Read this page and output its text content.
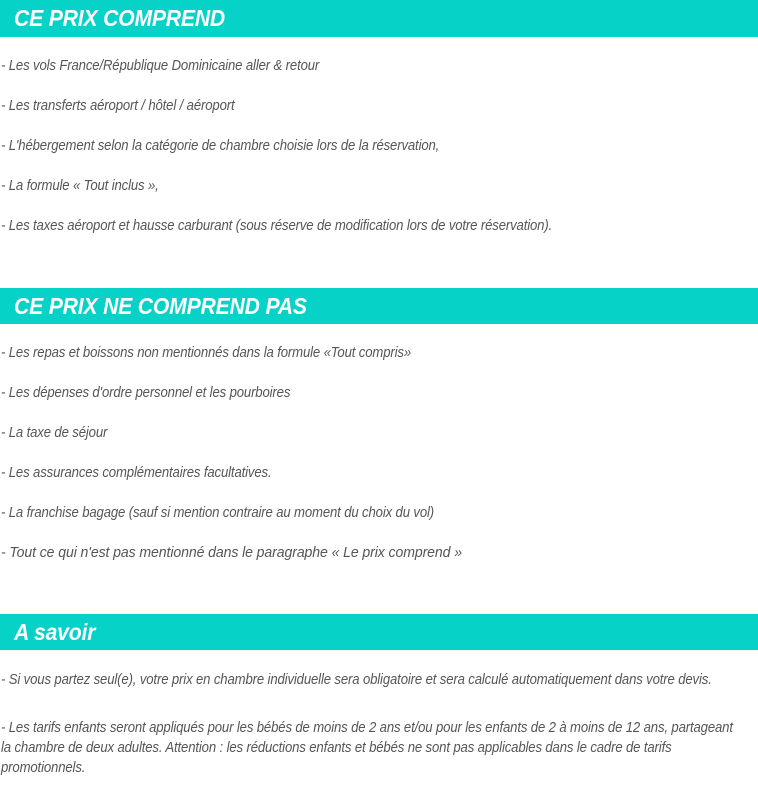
CE PRIX COMPREND
- Les vols France/République Dominicaine aller & retour
- Les transferts aéroport / hôtel / aéroport
- L'hébergement selon la catégorie de chambre choisie lors de la réservation,
- La formule « Tout inclus »,
- Les taxes aéroport et hausse carburant (sous réserve de modification lors de votre réservation).
CE PRIX NE COMPREND PAS
- Les repas et boissons non mentionnés dans la formule «Tout compris»
- Les dépenses d'ordre personnel et les pourboires
- La taxe de séjour
- Les assurances complémentaires facultatives.
- La franchise bagage (sauf si mention contraire au moment du choix du vol)
- Tout ce qui n'est pas mentionné dans le paragraphe « Le prix comprend »
A savoir
- Si vous partez seul(e), votre prix en chambre individuelle sera obligatoire et sera calculé automatiquement dans votre devis.
- Les tarifs enfants seront appliqués pour les bébés de moins de 2 ans et/ou pour les enfants de 2 à moins de 12 ans, partageant la chambre de deux adultes. Attention : les réductions enfants et bébés ne sont pas applicables dans le cadre de tarifs promotionnels.
